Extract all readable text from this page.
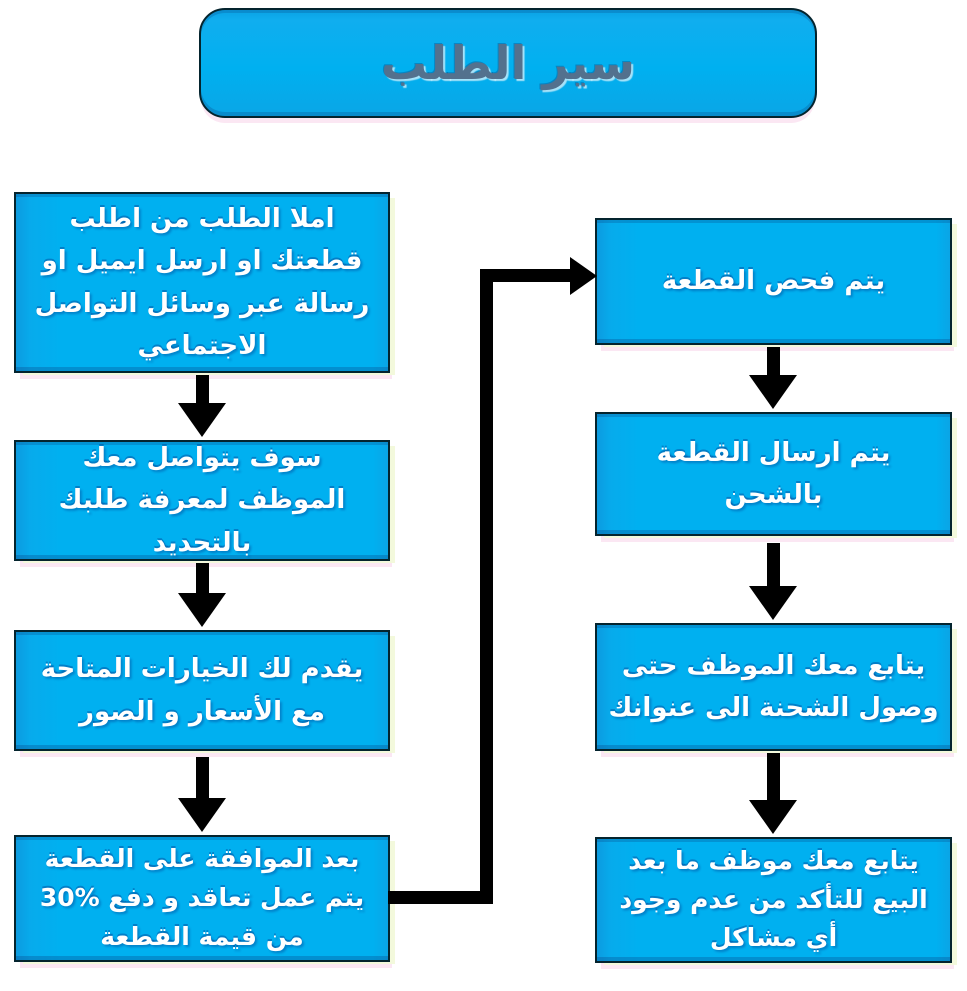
سير الطلب
املا الطلب من اطلب قطعتك او ارسل ايميل او رسالة عبر وسائل التواصل الاجتماعي
سوف يتواصل معك الموظف لمعرفة طلبك بالتحديد
يقدم لك الخيارات المتاحة مع الأسعار و الصور
بعد الموافقة على القطعة يتم عمل تعاقد و دفع %30 من قيمة القطعة
يتم فحص القطعة
يتم ارسال القطعة بالشحن
يتابع معك الموظف حتى وصول الشحنة الى عنوانك
يتابع معك موظف ما بعد البيع للتأكد من عدم وجود أي مشاكل
